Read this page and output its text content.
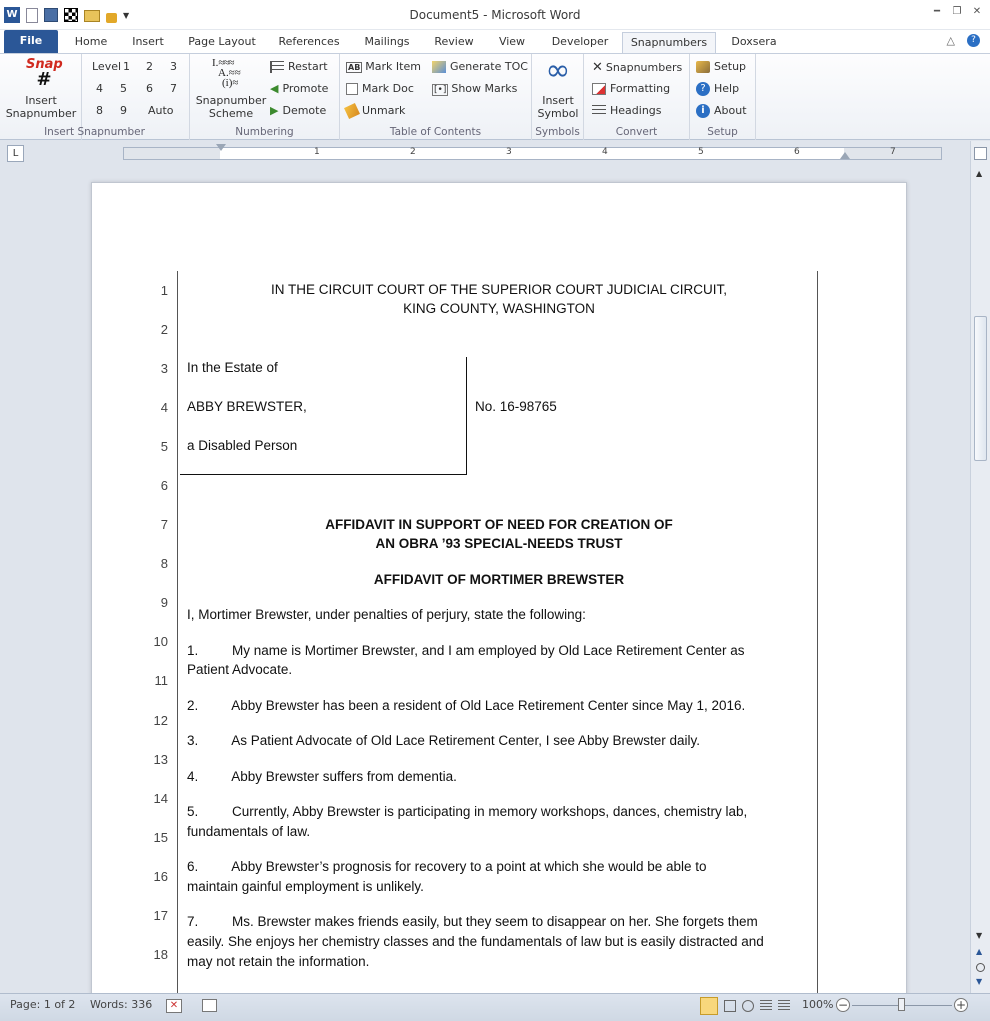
W	▼	Document5 - Microsoft Word	━	❐ ✕
File	Home	Insert	Page Layout References	Mailings	Review	View	Developer	Snapnumbers	Doxsera	△	?
Snap
#
Insert
Snapnumber
Level 1 2 3
4 5 6 7
8 9 Auto
Insert Snapnumber
I.≈≈≈
A.≈≈
(i)≈
Snapnumber
Scheme
Restart
◀ Promote
▶ Demote
Numbering
AB Mark Item
Mark Doc
Unmark
Generate TOC
[•] Show Marks
Table of Contents
∞
Insert
Symbol
Symbols
✕ Snapnumbers
Formatting
Headings
Convert
Setup
? Help
i About
Setup
L	1	2	3	4	5	6	7
1
2
3
4
5
6
7
8
9
10
11
12
13
14
15
16
17
18
IN THE CIRCUIT COURT OF THE SUPERIOR COURT JUDICIAL CIRCUIT,
KING COUNTY, WASHINGTON
In the Estate of
ABBY BREWSTER,
a Disabled Person
No. 16-98765
AFFIDAVIT IN SUPPORT OF NEED FOR CREATION OF
AN OBRA ’93 SPECIAL-NEEDS TRUST
AFFIDAVIT OF MORTIMER BREWSTER
I, Mortimer Brewster, under penalties of perjury, state the following:
1.         My name is Mortimer Brewster, and I am employed by Old Lace Retirement Center as
Patient Advocate.
2.         Abby Brewster has been a resident of Old Lace Retirement Center since May 1, 2016.
3.         As Patient Advocate of Old Lace Retirement Center, I see Abby Brewster daily.
4.         Abby Brewster suffers from dementia.
5.         Currently, Abby Brewster is participating in memory workshops, dances, chemistry lab,
fundamentals of law.
6.         Abby Brewster’s prognosis for recovery to a point at which she would be able to
maintain gainful employment is unlikely.
7.         Ms. Brewster makes friends easily, but they seem to disappear on her. She forgets them
easily. She enjoys her chemistry classes and the fundamentals of law but is easily distracted and
may not retain the information.
▲
▼
▲
▼
Page: 1 of 2 Words: 336	✕	100% −	+
